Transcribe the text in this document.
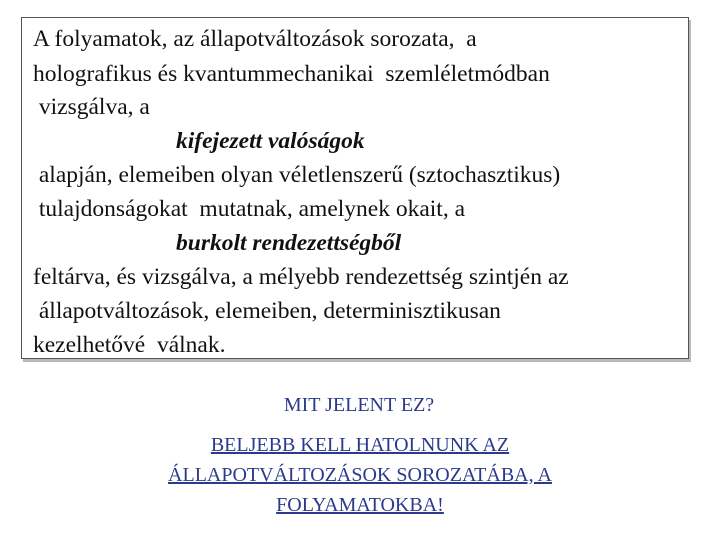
A folyamatok, az állapotváltozások sorozata,  a
holografikus és kvantummechanikai  szemléletmódban
vizsgálva, a
kifejezett valóságok
alapján, elemeiben olyan véletlenszerű (sztochasztikus)
tulajdonságokat  mutatnak, amelynek okait, a
burkolt rendezettségből
feltárva, és vizsgálva, a mélyebb rendezettség szintjén az
állapotváltozások, elemeiben, determinisztikusan
kezelhetővé  válnak.
MIT JELENT EZ?
BELJEBB KELL HATOLNUNK AZ
ÁLLAPOTVÁLTOZÁSOK SOROZATÁBA, A
FOLYAMATOKBA!
